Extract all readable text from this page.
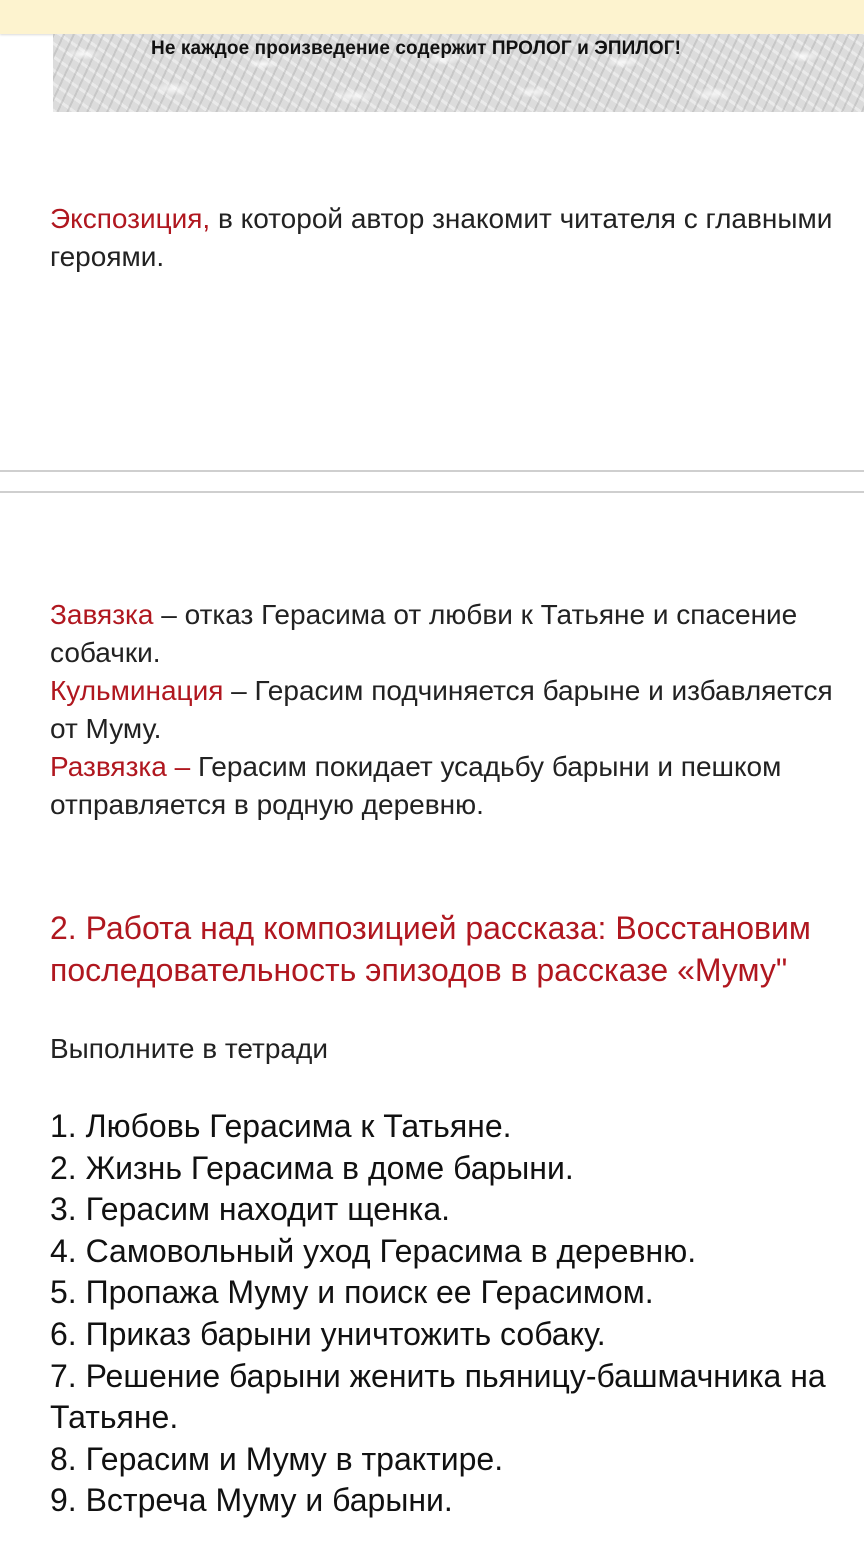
Не каждое произведение содержит ПРОЛОГ и ЭПИЛОГ!
Экспозиция, в которой автор знакомит читателя с главными героями.
Завязка – отказ Герасима от любви к Татьяне и спасение собачки.
Кульминация – Герасим подчиняется барыне и избавляется от Муму.
Развязка – Герасим покидает усадьбу барыни и пешком отправляется в родную деревню.
2. Работа над композицией рассказа: Восстановим последовательность эпизодов в рассказе «Муму"
Выполните в тетради
1. Любовь Герасима к Татьяне.
2. Жизнь Герасима в доме барыни.
3. Герасим находит щенка.
4. Самовольный уход Герасима в деревню.
5. Пропажа Муму и поиск ее Герасимом.
6. Приказ барыни уничтожить собаку.
7. Решение барыни женить пьяницу-башмачника на Татьяне.
8. Герасим и Муму в трактире.
9. Встреча Муму и барыни.
